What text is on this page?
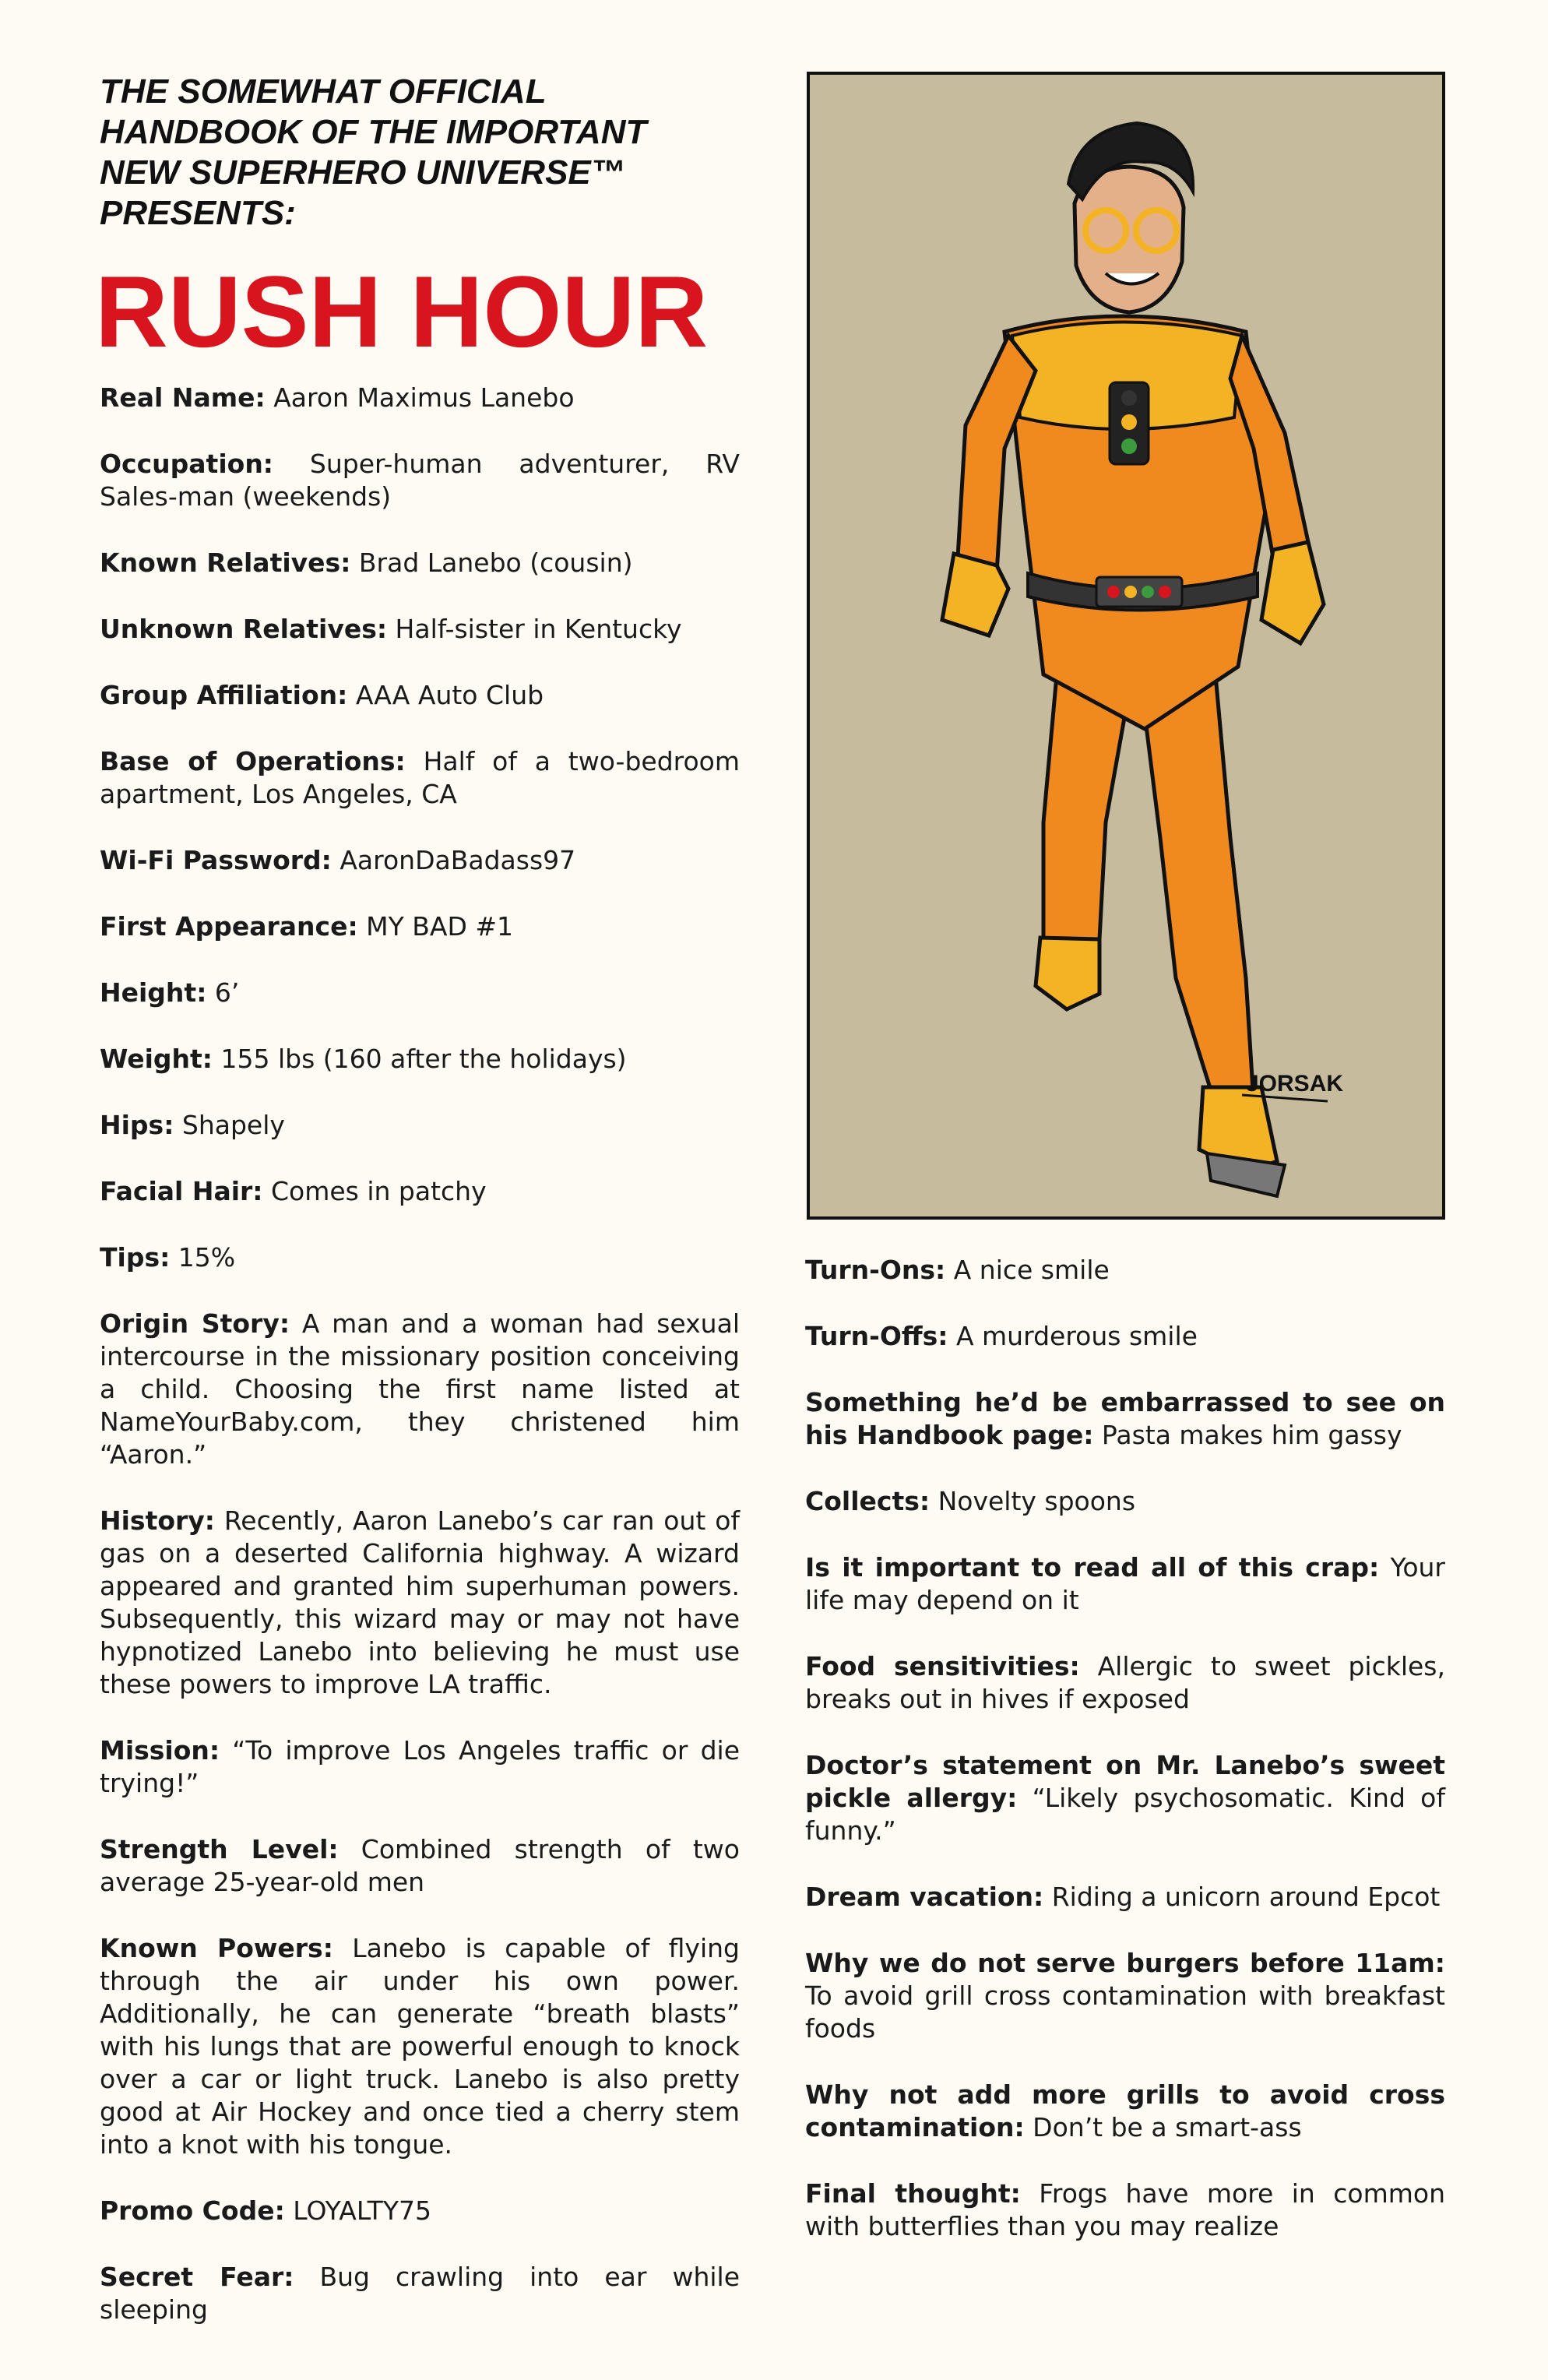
THE SOMEWHAT OFFICIAL
HANDBOOK OF THE IMPORTANT
NEW SUPERHERO UNIVERSE™
PRESENTS:
RUSH HOUR

Real Name: Aaron Maximus Lanebo

Occupation: Super-human adventurer, RV Sales-man (weekends)

Known Relatives: Brad Lanebo (cousin)

Unknown Relatives: Half-sister in Kentucky

Group Affiliation: AAA Auto Club

Base of Operations: Half of a two-bedroom apartment, Los Angeles, CA

Wi-Fi Password: AaronDaBadass97

First Appearance: MY BAD #1

Height: 6’

Weight: 155 lbs (160 after the holidays)

Hips: Shapely

Facial Hair: Comes in patchy

Tips: 15%

Origin Story: A man and a woman had sexual intercourse in the missionary position conceiving a child. Choosing the first name listed at NameYourBaby.com, they christened him “Aaron.”

History: Recently, Aaron Lanebo’s car ran out of gas on a deserted California highway. A wizard appeared and granted him superhuman powers. Subsequently, this wizard may or may not have hypnotized Lanebo into believing he must use these powers to improve LA traffic.

Mission: “To improve Los Angeles traffic or die trying!”

Strength Level: Combined strength of two average 25-year-old men

Known Powers: Lanebo is capable of flying through the air under his own power. Additionally, he can generate “breath blasts” with his lungs that are powerful enough to knock over a car or light truck. Lanebo is also pretty good at Air Hockey and once tied a cherry stem into a knot with his tongue.

Promo Code: LOYALTY75

Secret Fear: Bug crawling into ear while sleeping

JORSAK

Turn-Ons: A nice smile

Turn-Offs: A murderous smile

Something he’d be embarrassed to see on his Handbook page: Pasta makes him gassy

Collects: Novelty spoons

Is it important to read all of this crap: Your life may depend on it

Food sensitivities: Allergic to sweet pickles, breaks out in hives if exposed

Doctor’s statement on Mr. Lanebo’s sweet pickle allergy: “Likely psychosomatic. Kind of funny.”

Dream vacation: Riding a unicorn around Epcot

Why we do not serve burgers before 11am: To avoid grill cross contamination with breakfast foods

Why not add more grills to avoid cross contamination: Don’t be a smart-ass

Final thought: Frogs have more in common with butterflies than you may realize
